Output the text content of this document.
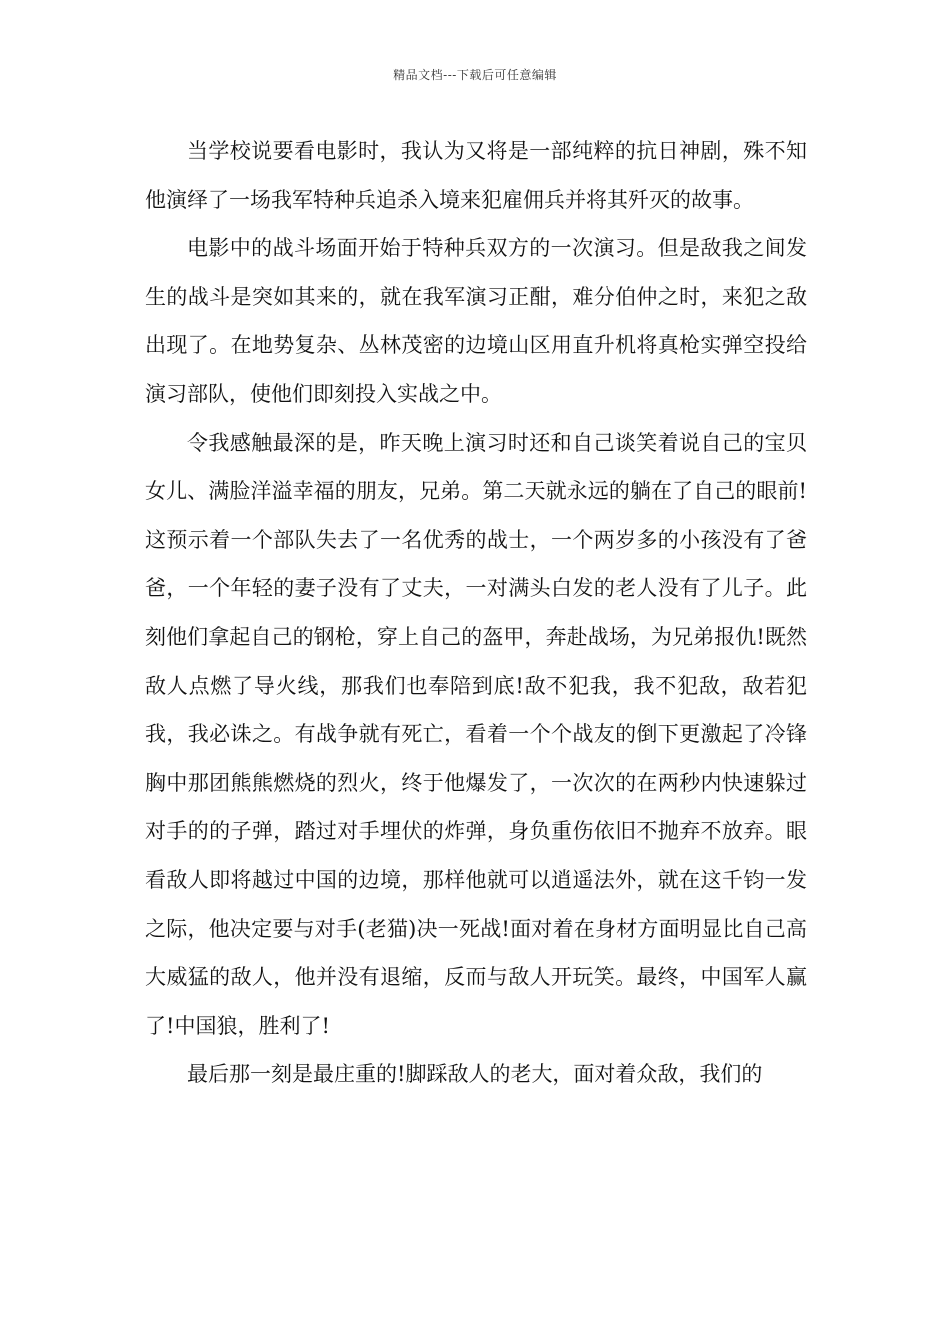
精品文档---下载后可任意编辑

当学校说要看电影时，我认为又将是一部纯粹的抗日神剧，殊不知他演绎了一场我军特种兵追杀入境来犯雇佣兵并将其歼灭的故事。

电影中的战斗场面开始于特种兵双方的一次演习。但是敌我之间发生的战斗是突如其来的，就在我军演习正酣，难分伯仲之时，来犯之敌出现了。在地势复杂、丛林茂密的边境山区用直升机将真枪实弹空投给演习部队，使他们即刻投入实战之中。

令我感触最深的是，昨天晚上演习时还和自己谈笑着说自己的宝贝女儿、满脸洋溢幸福的朋友，兄弟。第二天就永远的躺在了自己的眼前!这预示着一个部队失去了一名优秀的战士，一个两岁多的小孩没有了爸爸，一个年轻的妻子没有了丈夫，一对满头白发的老人没有了儿子。此刻他们拿起自己的钢枪，穿上自己的盔甲，奔赴战场，为兄弟报仇!既然敌人点燃了导火线，那我们也奉陪到底!敌不犯我，我不犯敌，敌若犯我，我必诛之。有战争就有死亡，看着一个个战友的倒下更激起了冷锋胸中那团熊熊燃烧的烈火，终于他爆发了，一次次的在两秒内快速躲过对手的的子弹，踏过对手埋伏的炸弹，身负重伤依旧不抛弃不放弃。眼看敌人即将越过中国的边境，那样他就可以逍遥法外，就在这千钧一发之际，他决定要与对手(老猫)决一死战!面对着在身材方面明显比自己高大威猛的敌人，他并没有退缩，反而与敌人开玩笑。最终，中国军人赢了!中国狼，胜利了!

最后那一刻是最庄重的!脚踩敌人的老大，面对着众敌，我们的
